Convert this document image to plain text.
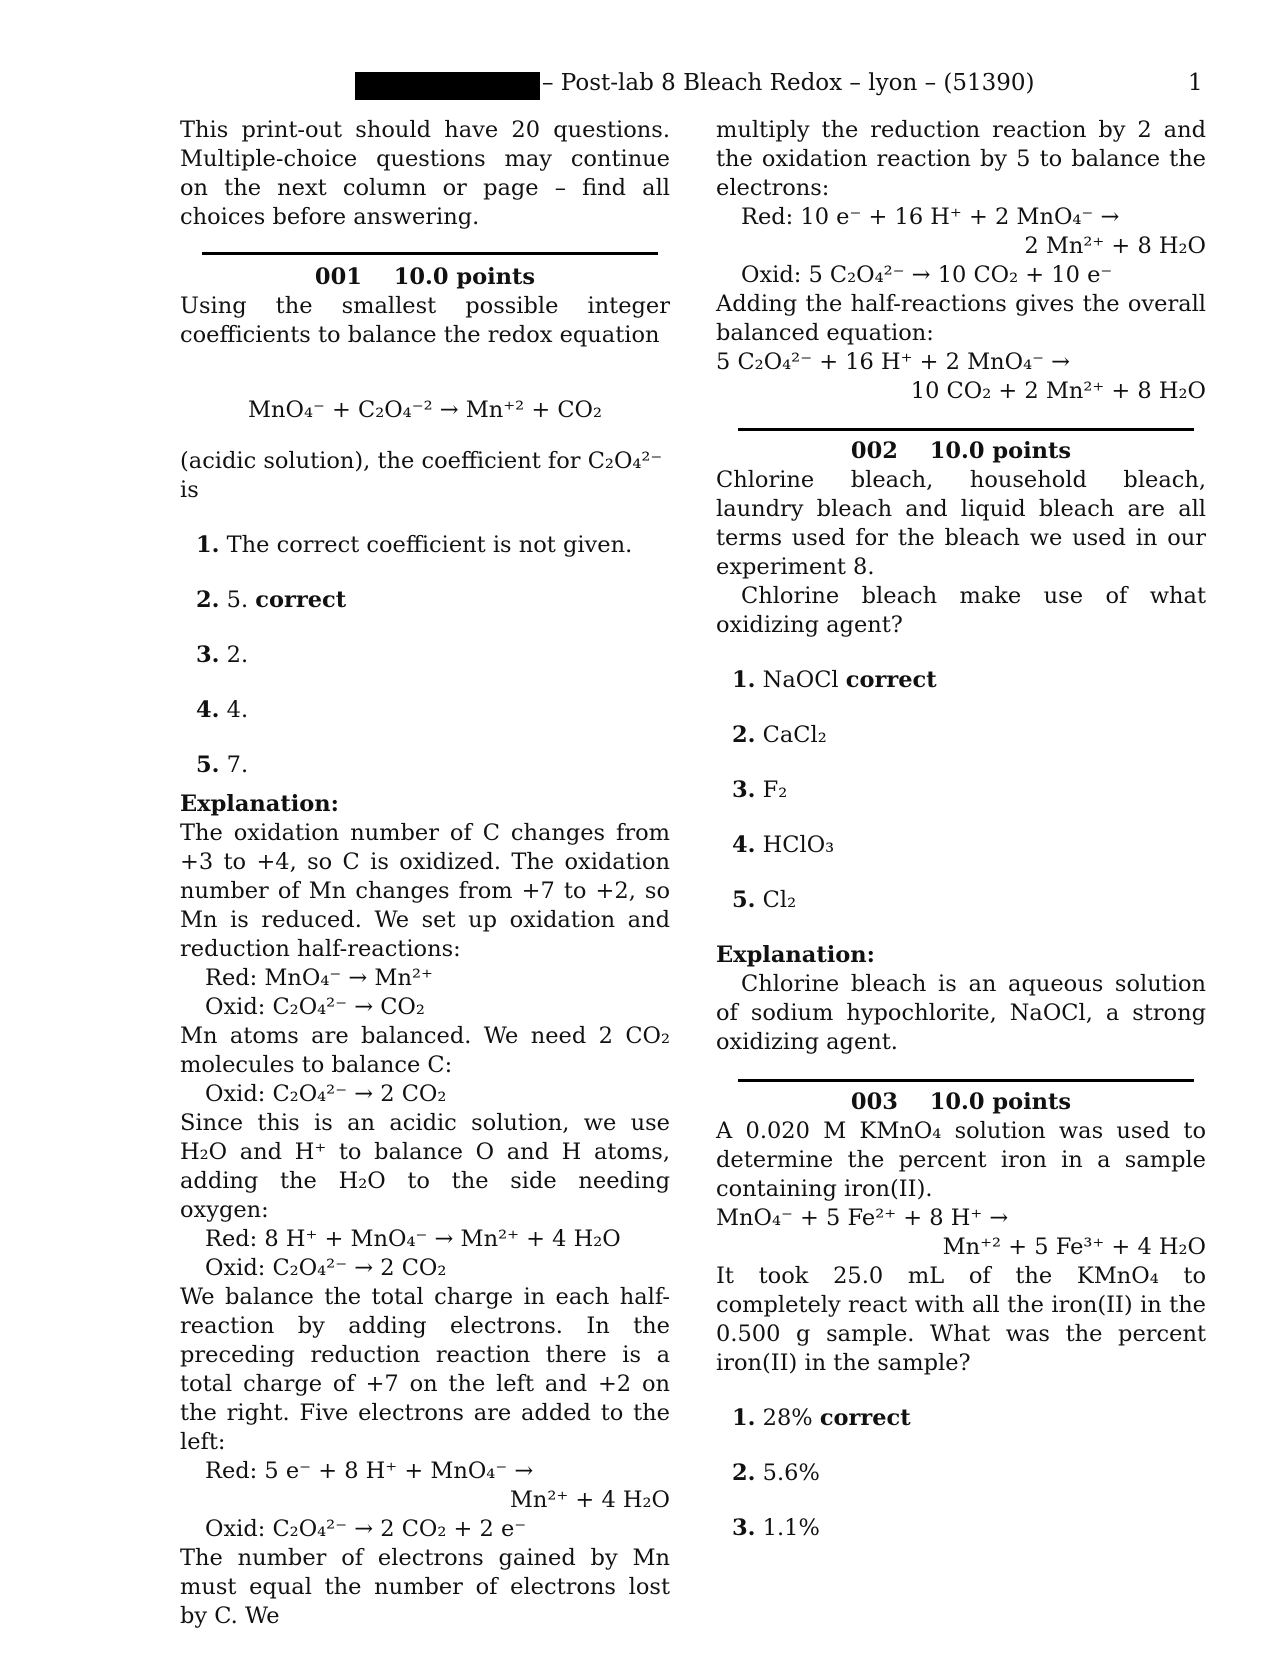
– Post-lab 8 Bleach Redox – lyon – (51390)	1

This print-out should have 20 questions. Multiple-choice questions may continue on the next column or page – find all choices before answering.

001 10.0 points

Using the smallest possible integer coefficients to balance the redox equation

MnO₄⁻ + C₂O₄⁻² → Mn⁺² + CO₂

(acidic solution), the coefficient for C₂O₄²⁻ is

1. The correct coefficient is not given.

2. 5. correct

3. 2.

4. 4.

5. 7.

Explanation:

The oxidation number of C changes from +3 to +4, so C is oxidized. The oxidation number of Mn changes from +7 to +2, so Mn is reduced. We set up oxidation and reduction half-reactions:

Red: MnO₄⁻ → Mn²⁺

Oxid: C₂O₄²⁻ → CO₂

Mn atoms are balanced. We need 2 CO₂ molecules to balance C:

Oxid: C₂O₄²⁻ → 2 CO₂

Since this is an acidic solution, we use H₂O and H⁺ to balance O and H atoms, adding the H₂O to the side needing oxygen:

Red: 8 H⁺ + MnO₄⁻ → Mn²⁺ + 4 H₂O

Oxid: C₂O₄²⁻ → 2 CO₂

We balance the total charge in each half-reaction by adding electrons. In the preceding reduction reaction there is a total charge of +7 on the left and +2 on the right. Five electrons are added to the left:

Red: 5 e⁻ + 8 H⁺ + MnO₄⁻ →

Mn²⁺ + 4 H₂O

Oxid: C₂O₄²⁻ → 2 CO₂ + 2 e⁻

The number of electrons gained by Mn must equal the number of electrons lost by C. We

multiply the reduction reaction by 2 and the oxidation reaction by 5 to balance the electrons:

Red: 10 e⁻ + 16 H⁺ + 2 MnO₄⁻ →

2 Mn²⁺ + 8 H₂O

Oxid: 5 C₂O₄²⁻ → 10 CO₂ + 10 e⁻

Adding the half-reactions gives the overall balanced equation:

5 C₂O₄²⁻ + 16 H⁺ + 2 MnO₄⁻ →

10 CO₂ + 2 Mn²⁺ + 8 H₂O

002 10.0 points

Chlorine bleach, household bleach, laundry bleach and liquid bleach are all terms used for the bleach we used in our experiment 8.

Chlorine bleach make use of what oxidizing agent?

1. NaOCl correct

2. CaCl₂

3. F₂

4. HClO₃

5. Cl₂

Explanation:

Chlorine bleach is an aqueous solution of sodium hypochlorite, NaOCl, a strong oxidizing agent.

003 10.0 points

A 0.020 M KMnO₄ solution was used to determine the percent iron in a sample containing iron(II).

MnO₄⁻ + 5 Fe²⁺ + 8 H⁺ →

Mn⁺² + 5 Fe³⁺ + 4 H₂O

It took 25.0 mL of the KMnO₄ to completely react with all the iron(II) in the 0.500 g sample. What was the percent iron(II) in the sample?

1. 28% correct

2. 5.6%

3. 1.1%
